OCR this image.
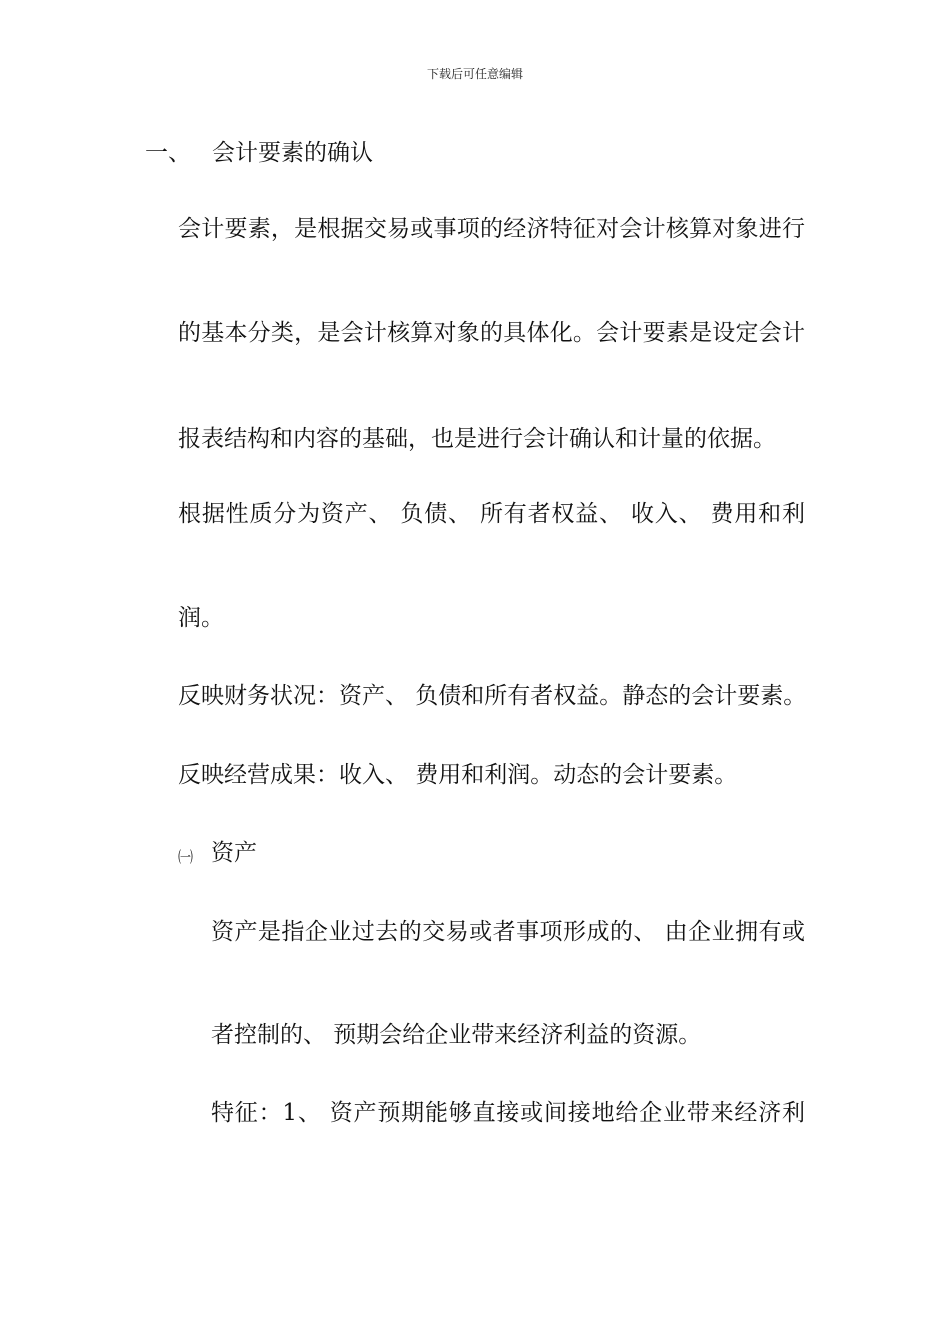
下载后可任意编辑
一、 会计要素的确认
会计要素，是根据交易或事项的经济特征对会计核算对象进行
的基本分类，是会计核算对象的具体化。会计要素是设定会计
报表结构和内容的基础，也是进行会计确认和计量的依据。
根据性质分为资产、 负债、 所有者权益、 收入、 费用和利
润。
反映财务状况：资产、 负债和所有者权益。静态的会计要素。
反映经营成果：收入、 费用和利润。动态的会计要素。
㈠ 资产
资产是指企业过去的交易或者事项形成的、 由企业拥有或
者控制的、 预期会给企业带来经济利益的资源。
特征：1、 资产预期能够直接或间接地给企业带来经济利
